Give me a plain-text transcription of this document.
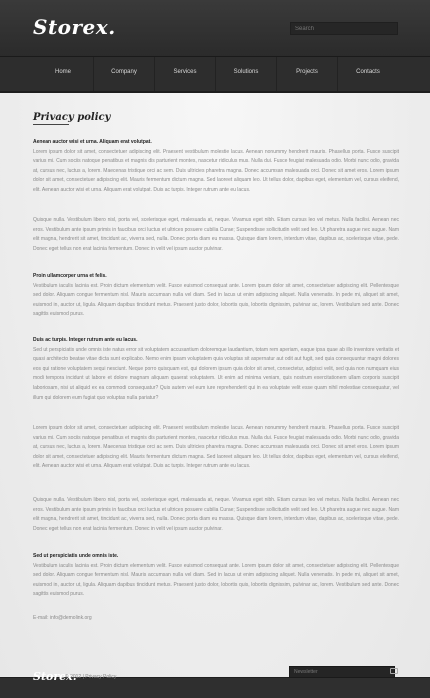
Storex.
Search
Home	Company	Services	Solutions	Projects	Contacts
Privacy policy

Aenean auctor wisi et urna. Aliquam erat volutpat.
Lorem ipsum dolor sit amet, consectetuer adipiscing elit. Praesent vestibulum molestie lacus. Aenean nonummy hendrerit mauris. Phasellus porta. Fusce suscipit varius mi. Cum sociis natoque penatibus et magnis dis parturient montes, nascetur ridiculus mus. Nulla dui. Fusce feugiat malesuada odio. Morbi nunc odio, gravida at, cursus nec, luctus a, lorem. Maecenas tristique orci ac sem. Duis ultricies pharetra magna. Donec accumsan malesuada orci. Donec sit amet eros. Lorem ipsum dolor sit amet, consectetuer adipiscing elit. Mauris fermentum dictum magna. Sed laoreet aliquam leo. Ut tellus dolor, dapibus eget, elementum vel, cursus eleifend, elit. Aenean auctor wisi et urna. Aliquam erat volutpat. Duis ac turpis. Integer rutrum ante eu lacus.

Quisque nulla. Vestibulum libero nisl, porta vel, scelerisque eget, malesuada at, neque. Vivamus eget nibh. Etiam cursus leo vel metus. Nulla facilisi. Aenean nec eros. Vestibulum ante ipsum primis in faucibus orci luctus et ultrices posuere cubilia Curae; Suspendisse sollicitudin velit sed leo. Ut pharetra augue nec augue. Nam elit magna, hendrerit sit amet, tincidunt ac, viverra sed, nulla. Donec porta diam eu massa. Quisque diam lorem, interdum vitae, dapibus ac, scelerisque vitae, pede. Donec eget tellus non erat lacinia fermentum. Donec in velit vel ipsum auctor pulvinar.

Proin ullamcorper urna et felis.
Vestibulum iaculis lacinia est. Proin dictum elementum velit. Fusce euismod consequat ante. Lorem ipsum dolor sit amet, consectetuer adipiscing elit. Pellentesque sed dolor. Aliquam congue fermentum nisl. Mauris accumsan nulla vel diam. Sed in lacus ut enim adipiscing aliquet. Nulla venenatis. In pede mi, aliquet sit amet, euismod in, auctor ut, ligula. Aliquam dapibus tincidunt metus. Praesent justo dolor, lobortis quis, lobortis dignissim, pulvinar ac, lorem. Vestibulum sed ante. Donec sagittis euismod purus.

Duis ac turpis. Integer rutrum ante eu lacus.
Sed ut perspiciatis unde omnis iste natus error sit voluptatem accusantium doloremque laudantium, totam rem aperiam, eaque ipsa quae ab illo inventore veritatis et quasi architecto beatae vitae dicta sunt explicabo. Nemo enim ipsam voluptatem quia voluptas sit aspernatur aut odit aut fugit, sed quia consequuntur magni dolores eos qui ratione voluptatem sequi nesciunt. Neque porro quisquam est, qui dolorem ipsum quia dolor sit amet, consectetur, adipisci velit, sed quia non numquam eius modi tempora incidunt ut labore et dolore magnam aliquam quaerat voluptatem. Ut enim ad minima veniam, quis nostrum exercitationem ullam corporis suscipit laboriosam, nisi ut aliquid ex ea commodi consequatur? Quis autem vel eum iure reprehenderit qui in ea voluptate velit esse quam nihil molestiae consequatur, vel illum qui dolorem eum fugiat quo voluptas nulla pariatur?

Lorem ipsum dolor sit amet, consectetuer adipiscing elit. Praesent vestibulum molestie lacus. Aenean nonummy hendrerit mauris. Phasellus porta. Fusce suscipit varius mi. Cum sociis natoque penatibus et magnis dis parturient montes, nascetur ridiculus mus. Nulla dui. Fusce feugiat malesuada odio. Morbi nunc odio, gravida at, cursus nec, luctus a, lorem. Maecenas tristique orci ac sem. Duis ultricies pharetra magna. Donec accumsan malesuada orci. Donec sit amet eros. Lorem ipsum dolor sit amet, consectetuer adipiscing elit. Mauris fermentum dictum magna. Sed laoreet aliquam leo. Ut tellus dolor, dapibus eget, elementum vel, cursus eleifend, elit. Aenean auctor wisi et urna. Aliquam erat volutpat. Duis ac turpis. Integer rutrum ante eu lacus.

Quisque nulla. Vestibulum libero nisl, porta vel, scelerisque eget, malesuada at, neque. Vivamus eget nibh. Etiam cursus leo vel metus. Nulla facilisi. Aenean nec eros. Vestibulum ante ipsum primis in faucibus orci luctus et ultrices posuere cubilia Curae; Suspendisse sollicitudin velit sed leo. Ut pharetra augue nec augue. Nam elit magna, hendrerit sit amet, tincidunt ac, viverra sed, nulla. Donec porta diam eu massa. Quisque diam lorem, interdum vitae, dapibus ac, scelerisque vitae, pede. Donec eget tellus non erat lacinia fermentum. Donec in velit vel ipsum auctor pulvinar.

Sed ut perspiciatis unde omnis iste.
Vestibulum iaculis lacinia est. Proin dictum elementum velit. Fusce euismod consequat ante. Lorem ipsum dolor sit amet, consectetuer adipiscing elit. Pellentesque sed dolor. Aliquam congue fermentum nisl. Mauris accumsan nulla vel diam. Sed in lacus ut enim adipiscing aliquet. Nulla venenatis. In pede mi, aliquet sit amet, euismod in, auctor ut, ligula. Aliquam dapibus tincidunt metus. Praesent justo dolor, lobortis quis, lobortis dignissim, pulvinar ac, lorem. Vestibulum sed ante. Donec sagittis euismod purus.

E-mail: info@demolink.org
Storex.
© 2012 | Privacy Policy
Newsletter
